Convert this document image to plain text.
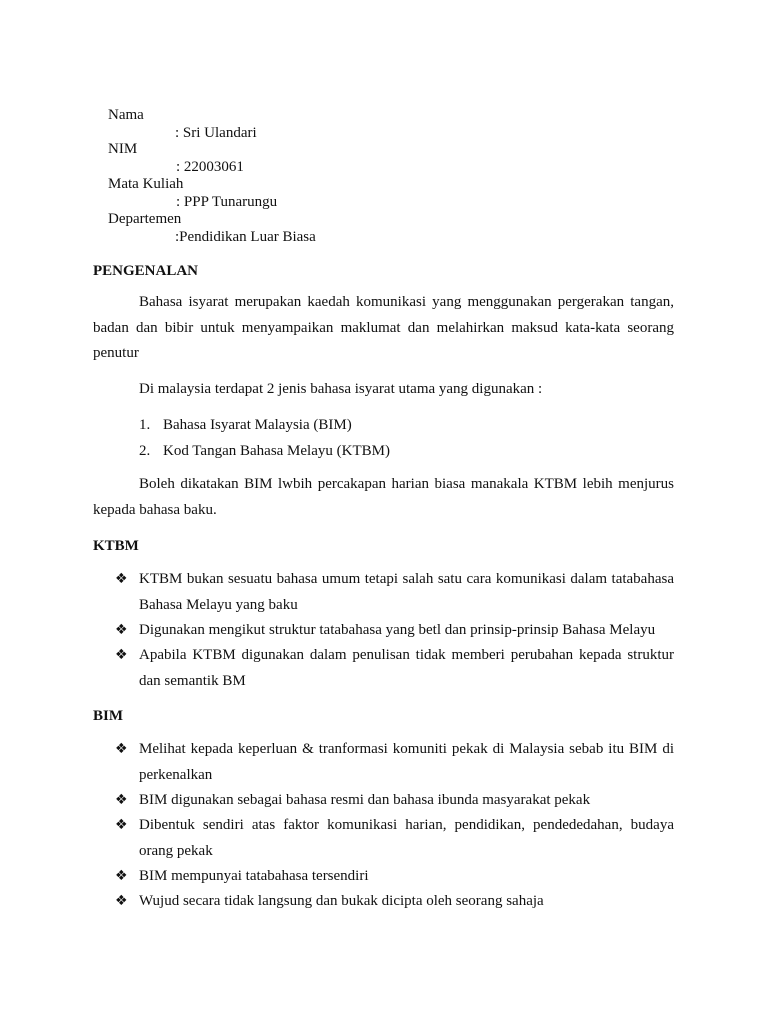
Nama

: Sri Ulandari

NIM

: 22003061

Mata Kuliah

: PPP Tunarungu

Departemen

:Pendidikan Luar Biasa

PENGENALAN
Bahasa isyarat merupakan kaedah komunikasi yang menggunakan pergerakan tangan, badan dan bibir untuk menyampaikan maklumat dan melahirkan maksud kata-kata seorang penutur
Di malaysia terdapat 2 jenis bahasa isyarat utama yang digunakan :
1. Bahasa Isyarat Malaysia (BIM)
2. Kod Tangan Bahasa Melayu (KTBM)
Boleh dikatakan BIM lwbih percakapan harian biasa manakala KTBM lebih menjurus kepada bahasa baku.
KTBM
❖ KTBM bukan sesuatu bahasa umum tetapi salah satu cara komunikasi dalam tatabahasa Bahasa Melayu yang baku
❖ Digunakan mengikut struktur tatabahasa yang betl dan prinsip-prinsip Bahasa Melayu
❖ Apabila KTBM digunakan dalam penulisan tidak memberi perubahan kepada struktur dan semantik BM
BIM
❖ Melihat kepada keperluan & tranformasi komuniti pekak di Malaysia sebab itu BIM di perkenalkan
❖ BIM digunakan sebagai bahasa resmi dan bahasa ibunda masyarakat pekak
❖ Dibentuk sendiri atas faktor komunikasi harian, pendidikan, pendededahan, budaya orang pekak
❖ BIM mempunyai tatabahasa tersendiri
❖ Wujud secara tidak langsung dan bukak dicipta oleh seorang sahaja
